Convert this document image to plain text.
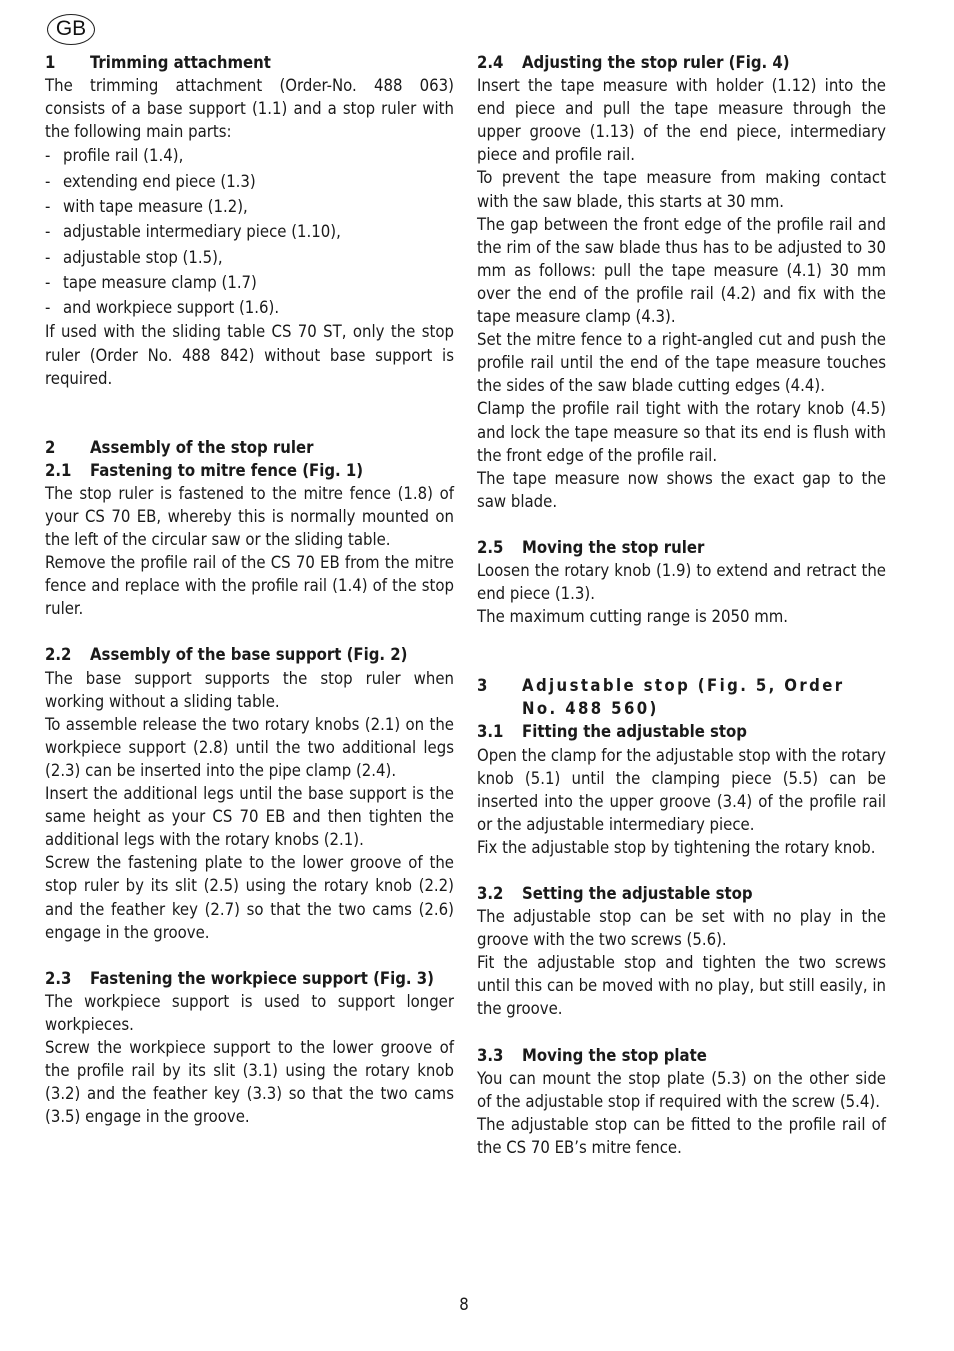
GB
1	Trimming attachment

The trimming attachment (Order-No. 488 063) consists of a base support (1.1) and a stop ruler with the following main parts:

- profile rail (1.4),
- extending end piece (1.3)
- with tape measure (1.2),
- adjustable intermediary piece (1.10),
- adjustable stop (1.5),
- tape measure clamp (1.7)
- and workpiece support (1.6).

If used with the sliding table CS 70 ST, only the stop ruler (Order No. 488 842) without base support is required.

2	Assembly of the stop ruler
2.1	Fastening to mitre fence (Fig. 1)

The stop ruler is fastened to the mitre fence (1.8) of your CS 70 EB, whereby this is normally mounted on the left of the circular saw or the sliding table.

Remove the profile rail of the CS 70 EB from the mitre fence and replace with the profile rail (1.4) of the stop ruler.

2.2	Assembly of the base support (Fig. 2)

The base support supports the stop ruler when working without a sliding table.

To assemble release the two rotary knobs (2.1) on the workpiece support (2.8) until the two additional legs (2.3) can be inserted into the pipe clamp (2.4).

Insert the additional legs until the base support is the same height as your CS 70 EB and then tighten the additional legs with the rotary knobs (2.1).

Screw the fastening plate to the lower groove of the stop ruler by its slit (2.5) using the rotary knob (2.2) and the feather key (2.7) so that the two cams (2.6) engage in the groove.

2.3	Fastening the workpiece support (Fig. 3)

The workpiece support is used to support longer workpieces.

Screw the workpiece support to the lower groove of the profile rail by its slit (3.1) using the rotary knob (3.2) and the feather key (3.3) so that the two cams (3.5) engage in the groove.

2.4	Adjusting the stop ruler (Fig. 4)

Insert the tape measure with holder (1.12) into the end piece and pull the tape measure through the upper groove (1.13) of the end piece, intermediary piece and profile rail.

To prevent the tape measure from making contact with the saw blade, this starts at 30 mm.

The gap between the front edge of the profile rail and the rim of the saw blade thus has to be adjusted to 30 mm as follows: pull the tape measure (4.1) 30 mm over the end of the profile rail (4.2) and fix with the tape measure clamp (4.3).

Set the mitre fence to a right-angled cut and push the profile rail until the end of the tape measure touches the sides of the saw blade cutting edges (4.4).

Clamp the profile rail tight with the rotary knob (4.5) and lock the tape measure so that its end is flush with the front edge of the profile rail.

The tape measure now shows the exact gap to the saw blade.

2.5	Moving the stop ruler

Loosen the rotary knob (1.9) to extend and retract the end piece (1.3).

The maximum cutting range is 2050 mm.

3	Adjustable stop (Fig. 5, Order No. 488 560)
3.1	Fitting the adjustable stop

Open the clamp for the adjustable stop with the rotary knob (5.1) until the clamping piece (5.5) can be inserted into the upper groove (3.4) of the profile rail or the adjustable intermediary piece.

Fix the adjustable stop by tightening the rotary knob.

3.2	Setting the adjustable stop

The adjustable stop can be set with no play in the groove with the two screws (5.6).

Fit the adjustable stop and tighten the two screws until this can be moved with no play, but still easily, in the groove.

3.3	Moving the stop plate

You can mount the stop plate (5.3) on the other side of the adjustable stop if required with the screw (5.4).

The adjustable stop can be fitted to the profile rail of the CS 70 EB’s mitre fence.

8
